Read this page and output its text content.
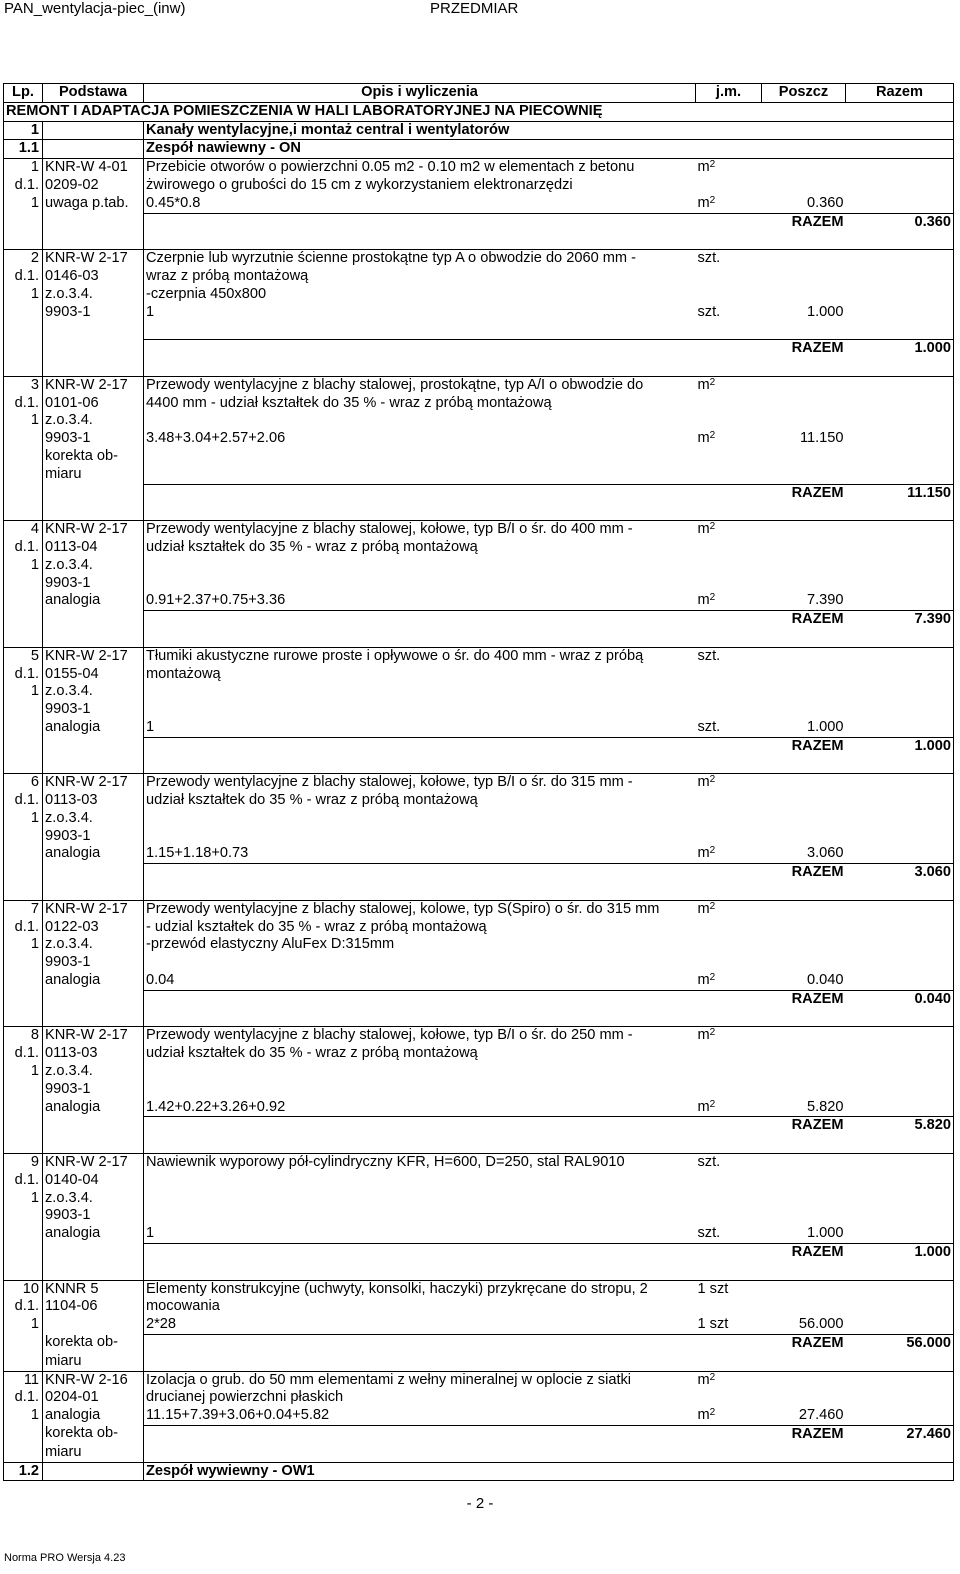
PAN_wentylacja-piec_(inw)	PRZEDMIAR
Lp.	Podstawa	Opis i wyliczenia	j.m.	Poszcz	Razem
REMONT I ADAPTACJA POMIESZCZENIA W HALI LABORATORYJNEJ NA PIECOWNIĘ					
1		Kanały wentylacyjne,i montaż central i wentylatorów			
1.1		Zespół nawiewny - ON			
1	KNR-W 4-01	Przebicie otworów o powierzchni 0.05 m2 - 0.10 m2 w elementach z betonu	$m^2$		
d.1.	0209-02	żwirowego o grubości do 15 cm z wykorzystaniem elektronarzędzi			
1	uwaga p.tab.	0.45*0.8	$m^2$	0.360	
				RAZEM	0.360

2	KNR-W 2-17	Czerpnie lub wyrzutnie ścienne prostokątne typ A o obwodzie do 2060 mm -	szt.		
d.1.	0146-03	wraz z próbą montażową			
1	z.o.3.4.	-czerpnia 450x800			
	9903-1	1	szt.	1.000	

				RAZEM	1.000

3	KNR-W 2-17	Przewody wentylacyjne z blachy stalowej, prostokątne, typ A/I o obwodzie do	$m^2$		
d.1.	0101-06	4400 mm - udział kształtek do 35 % - wraz z próbą montażową			
1	z.o.3.4.				
	9903-1	3.48+3.04+2.57+2.06	$m^2$	11.150	
	korekta ob-				
	miaru				
				RAZEM	11.150

4	KNR-W 2-17	Przewody wentylacyjne z blachy stalowej, kołowe, typ B/I o śr. do 400 mm -	$m^2$		
d.1.	0113-04	udział kształtek do 35 % - wraz z próbą montażową			
1	z.o.3.4.				
	9903-1				
	analogia	0.91+2.37+0.75+3.36	$m^2$	7.390	
				RAZEM	7.390

5	KNR-W 2-17	Tłumiki akustyczne rurowe proste i opływowe o śr. do 400 mm - wraz z próbą	szt.		
d.1.	0155-04	montażową			
1	z.o.3.4.				
	9903-1				
	analogia	1	szt.	1.000	
				RAZEM	1.000

6	KNR-W 2-17	Przewody wentylacyjne z blachy stalowej, kołowe, typ B/I o śr. do 315 mm -	$m^2$		
d.1.	0113-03	udział kształtek do 35 % - wraz z próbą montażową			
1	z.o.3.4.				
	9903-1				
	analogia	1.15+1.18+0.73	$m^2$	3.060	
				RAZEM	3.060

7	KNR-W 2-17	Przewody wentylacyjne z blachy stalowej, kolowe, typ S(Spiro) o śr. do 315 mm	$m^2$		
d.1.	0122-03	- udzial kształtek do 35 % - wraz z próbą montażową			
1	z.o.3.4.	-przewód elastyczny AluFex D:315mm			
	9903-1				
	analogia	0.04	$m^2$	0.040	
				RAZEM	0.040

8	KNR-W 2-17	Przewody wentylacyjne z blachy stalowej, kołowe, typ B/I o śr. do 250 mm -	$m^2$		
d.1.	0113-03	udział kształtek do 35 % - wraz z próbą montażową			
1	z.o.3.4.				
	9903-1				
	analogia	1.42+0.22+3.26+0.92	$m^2$	5.820	
				RAZEM	5.820

9	KNR-W 2-17	Nawiewnik wyporowy pół-cylindryczny KFR, H=600, D=250, stal RAL9010	szt.		
d.1.	0140-04				
1	z.o.3.4.				
	9903-1				
	analogia	1	szt.	1.000	
				RAZEM	1.000

10	KNNR 5	Elementy konstrukcyjne (uchwyty, konsolki, haczyki) przykręcane do stropu, 2	1 szt		
d.1.	1104-06	mocowania			
1		2*28	1 szt	56.000	
	korekta ob-			RAZEM	56.000
	miaru				
11	KNR-W 2-16	Izolacja o grub. do 50 mm elementami z wełny mineralnej w oplocie z siatki	$m^2$		
d.1.	0204-01	drucianej powierzchni płaskich			
1	analogia	11.15+7.39+3.06+0.04+5.82	$m^2$	27.460	
	korekta ob-			RAZEM	27.460
	miaru				
1.2		Zespół wywiewny - OW1			
- 2 -
Norma PRO Wersja 4.23
